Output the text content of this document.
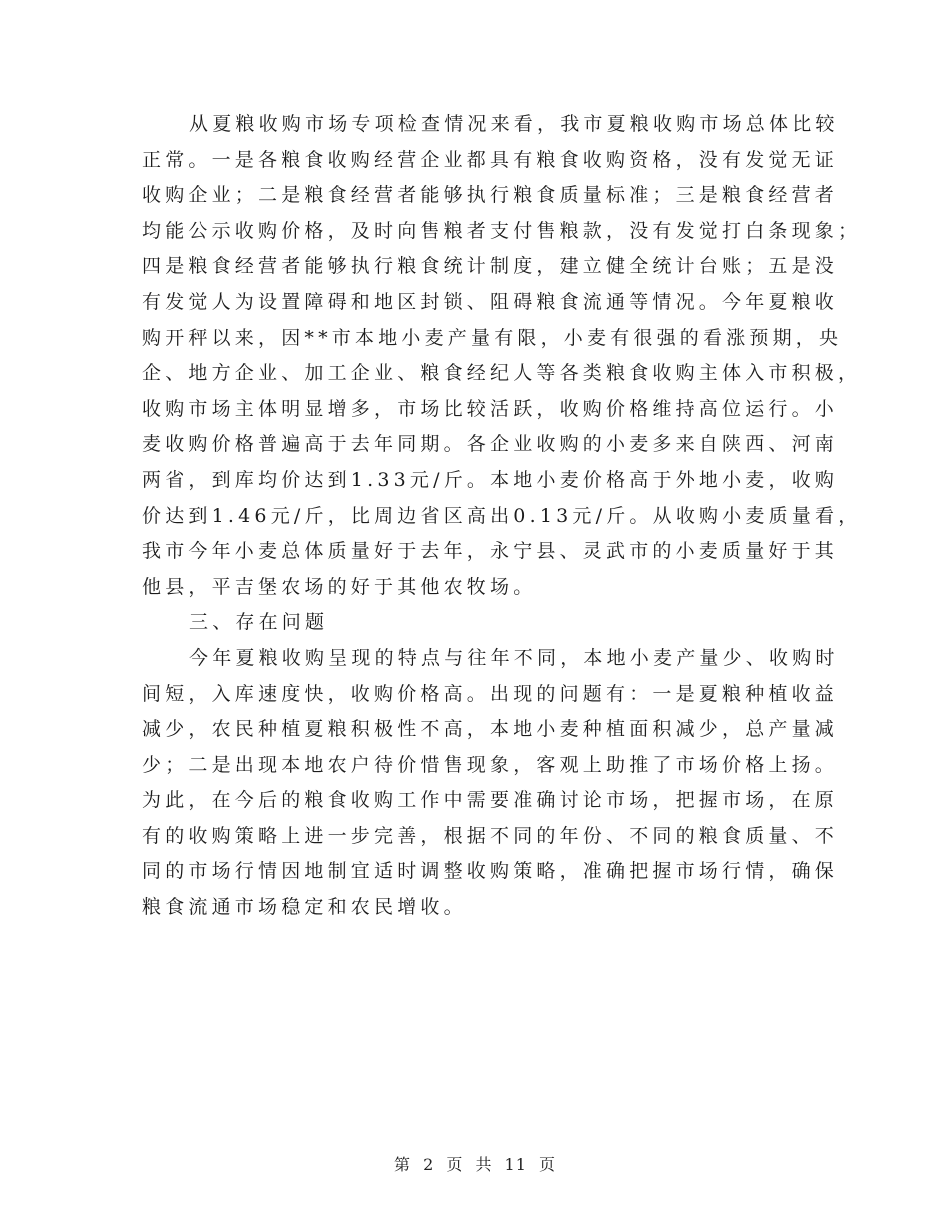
从夏粮收购市场专项检查情况来看，我市夏粮收购市场总体比较
正常。一是各粮食收购经营企业都具有粮食收购资格，没有发觉无证
收购企业；二是粮食经营者能够执行粮食质量标准；三是粮食经营者
均能公示收购价格，及时向售粮者支付售粮款，没有发觉打白条现象；
四是粮食经营者能够执行粮食统计制度，建立健全统计台账；五是没
有发觉人为设置障碍和地区封锁、阻碍粮食流通等情况。今年夏粮收
购开秤以来，因**市本地小麦产量有限，小麦有很强的看涨预期，央
企、地方企业、加工企业、粮食经纪人等各类粮食收购主体入市积极，
收购市场主体明显增多，市场比较活跃，收购价格维持高位运行。小
麦收购价格普遍高于去年同期。各企业收购的小麦多来自陕西、河南
两省，到库均价达到1.33元/斤。本地小麦价格高于外地小麦，收购
价达到1.46元/斤，比周边省区高出0.13元/斤。从收购小麦质量看，
我市今年小麦总体质量好于去年，永宁县、灵武市的小麦质量好于其
他县，平吉堡农场的好于其他农牧场。
三、存在问题
今年夏粮收购呈现的特点与往年不同，本地小麦产量少、收购时
间短，入库速度快，收购价格高。出现的问题有：一是夏粮种植收益
减少，农民种植夏粮积极性不高，本地小麦种植面积减少，总产量减
少；二是出现本地农户待价惜售现象，客观上助推了市场价格上扬。
为此，在今后的粮食收购工作中需要准确讨论市场，把握市场，在原
有的收购策略上进一步完善，根据不同的年份、不同的粮食质量、不
同的市场行情因地制宜适时调整收购策略，准确把握市场行情，确保
粮食流通市场稳定和农民增收。
第 2 页 共 11 页
